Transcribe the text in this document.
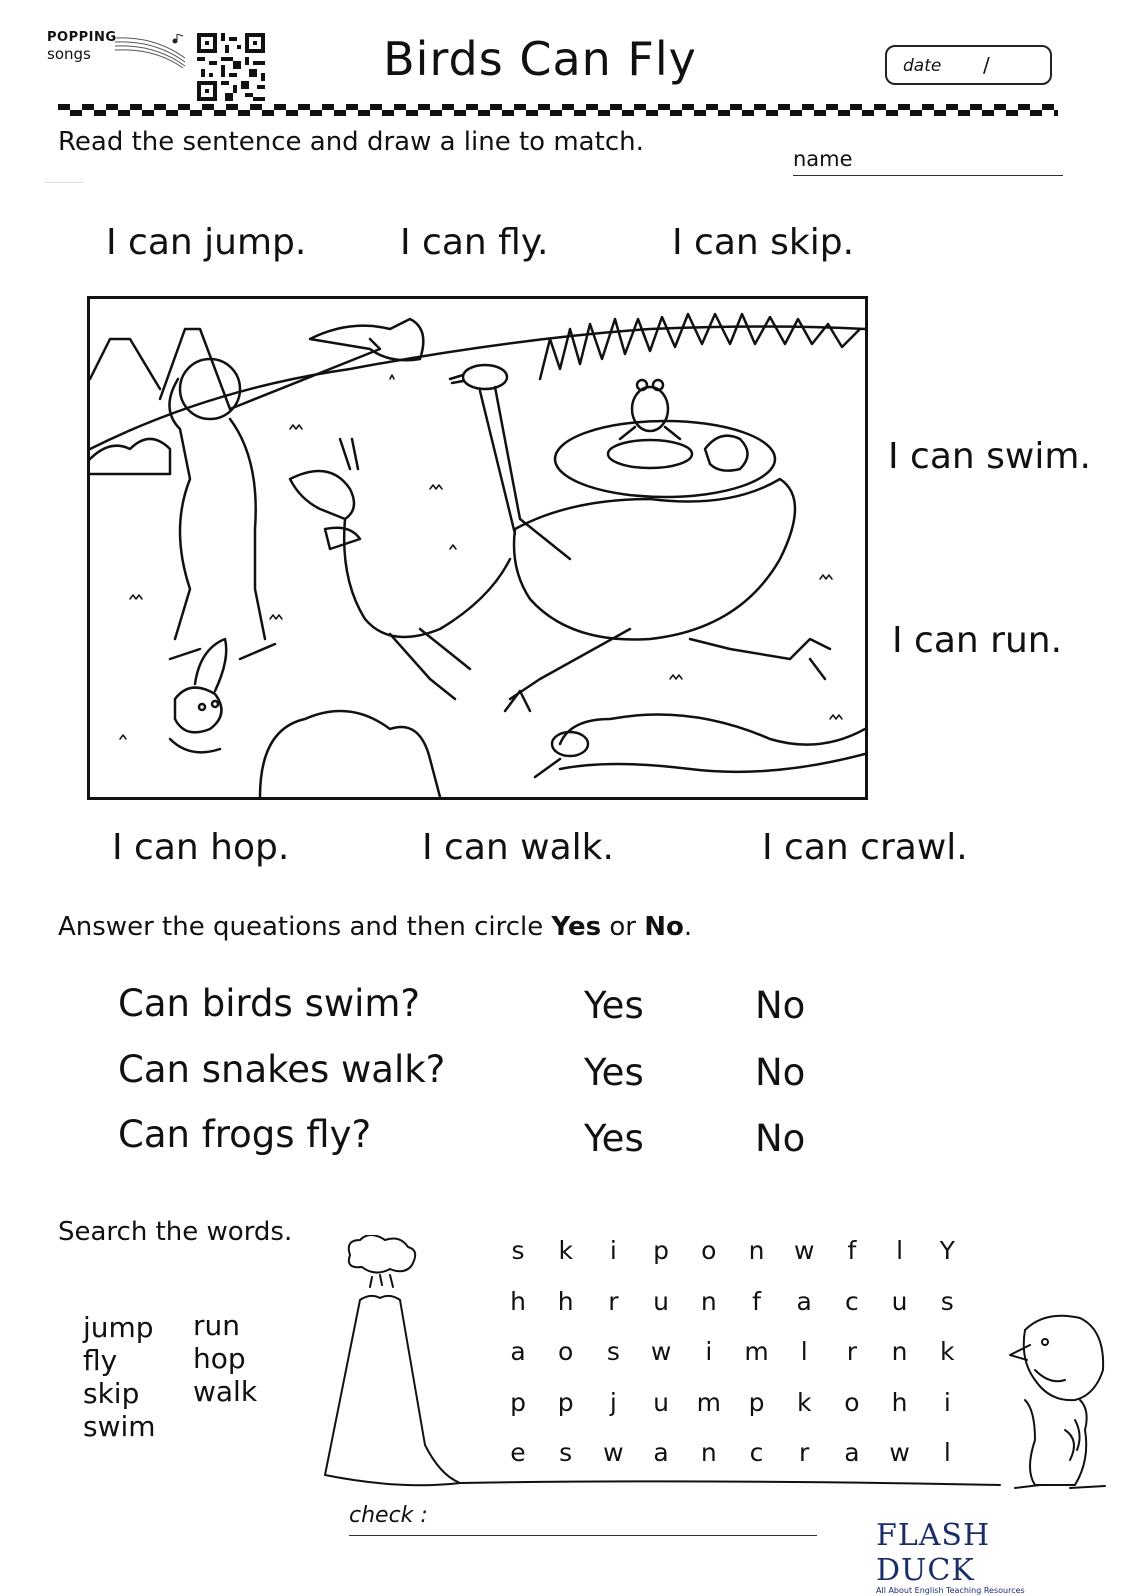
POPPING
songs	Birds Can Fly	date /
Read the sentence and draw a line to match.
name
I can jump.	I can fly.	I can skip.
I can swim.
I can run.
I can hop.	I can walk.	I can crawl.
Answer the queations and then circle Yes or No.
Can birds swim?	Yes	No
Can snakes walk?	Yes	No
Can frogs fly?	Yes	No
Search the words.
jump
fly
skip
swim
run
hop
walk
s	k	i	p	o	n	w	f	l	Y
h	h	r	u	n	f	a	c	u	s
a	o	s	w	i	m	l	r	n	k
p	p	j	u	m	p	k	o	h	i
e	s	w	a	n	c	r	a	w	l
check :
FLASH DUCK
All About English Teaching Resources
